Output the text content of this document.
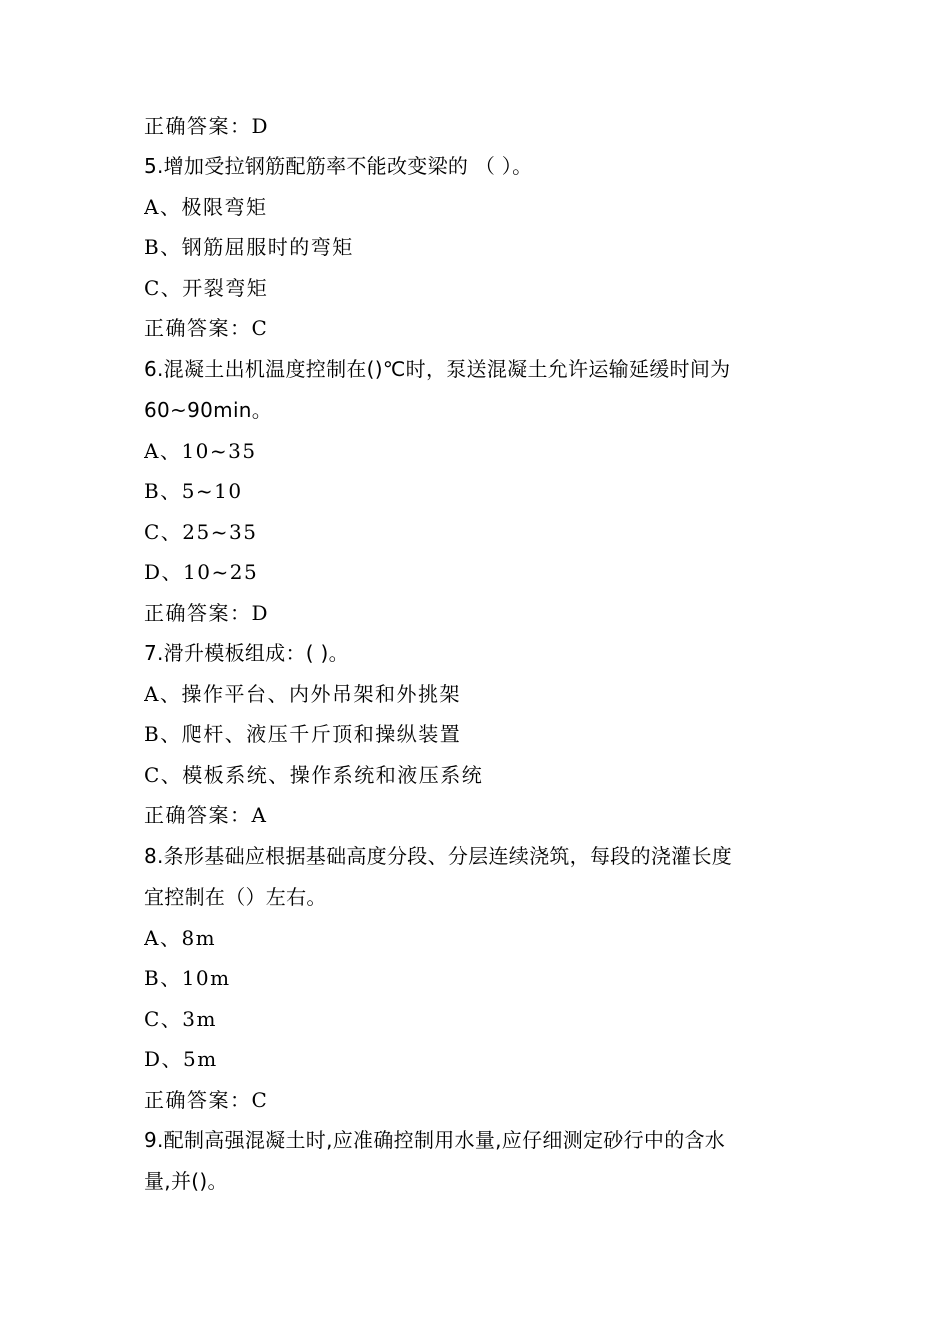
正确答案：D
5.增加受拉钢筋配筋率不能改变梁的 （ ）。
A、极限弯矩
B、钢筋屈服时的弯矩
C、开裂弯矩
正确答案：C
6.混凝土出机温度控制在()℃时，泵送混凝土允许运输延缓时间为
60~90min。
A、10~35
B、5~10
C、25~35
D、10~25
正确答案：D
7.滑升模板组成：( )。
A、操作平台、内外吊架和外挑架
B、爬杆、液压千斤顶和操纵装置
C、模板系统、操作系统和液压系统
正确答案：A
8.条形基础应根据基础高度分段、分层连续浇筑，每段的浇灌长度
宜控制在（）左右。
A、8m
B、10m
C、3m
D、5m
正确答案：C
9.配制高强混凝土时,应准确控制用水量,应仔细测定砂行中的含水
量,并()。
